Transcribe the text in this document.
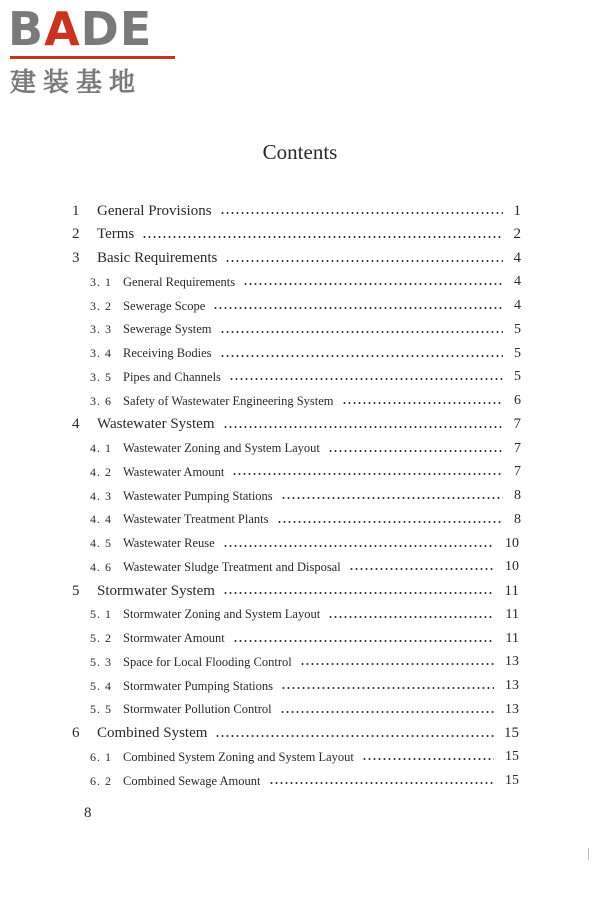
BADE
建装基地
Contents
1 General Provisions	1
2 Terms	2
3 Basic Requirements	4
3. 1 General Requirements	4
3. 2 Sewerage Scope	4
3. 3 Sewerage System	5
3. 4 Receiving Bodies	5
3. 5 Pipes and Channels	5
3. 6 Safety of Wastewater Engineering System	6
4 Wastewater System	7
4. 1 Wastewater Zoning and System Layout	7
4. 2 Wastewater Amount	7
4. 3 Wastewater Pumping Stations	8
4. 4 Wastewater Treatment Plants	8
4. 5 Wastewater Reuse	10
4. 6 Wastewater Sludge Treatment and Disposal	10
5 Stormwater System	11
5. 1 Stormwater Zoning and System Layout	11
5. 2 Stormwater Amount	11
5. 3 Space for Local Flooding Control	13
5. 4 Stormwater Pumping Stations	13
5. 5 Stormwater Pollution Control	13
6 Combined System	15
6. 1 Combined System Zoning and System Layout	15
6. 2 Combined Sewage Amount	15
8
